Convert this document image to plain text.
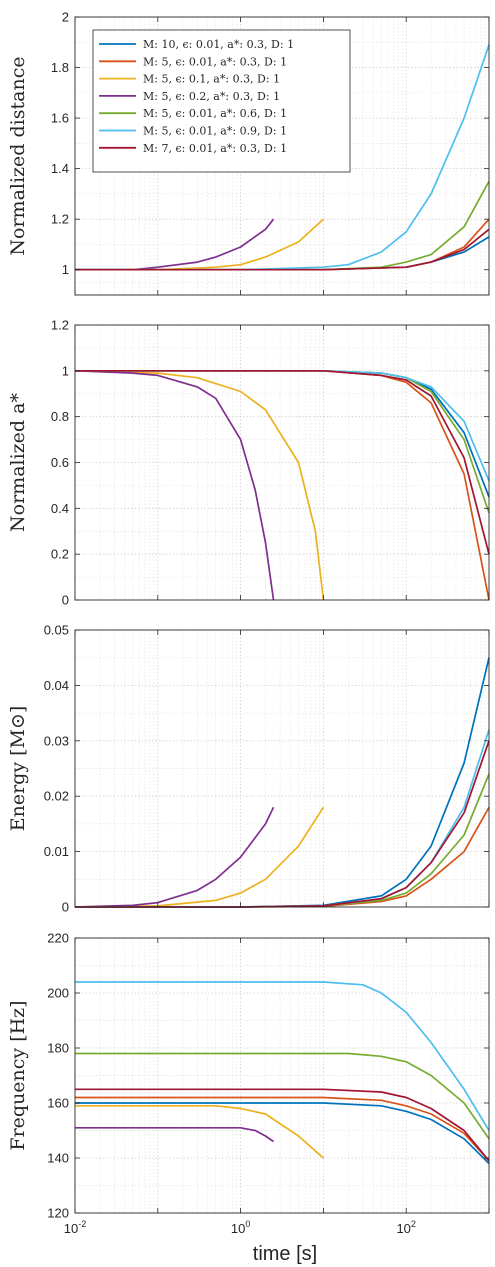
1
1.2
1.4
1.6
1.8
2
Normalized distance
M: 10, ϵ: 0.01, a*: 0.3, D: 1
M: 5, ϵ: 0.01, a*: 0.3, D: 1
M: 5, ϵ: 0.1, a*: 0.3, D: 1
M: 5, ϵ: 0.2, a*: 0.3, D: 1
M: 5, ϵ: 0.01, a*: 0.6, D: 1
M: 5, ϵ: 0.01, a*: 0.9, D: 1
M: 7, ϵ: 0.01, a*: 0.3, D: 1
0
0.2
0.4
0.6
0.8
1
1.2
Normalized a*
0
0.01
0.02
0.03
0.04
0.05
Energy [M⊙]
120
140
160
180
200
220
$10^{-2}$	$10^0$	$10^2$
Frequency [Hz]
time [s]
